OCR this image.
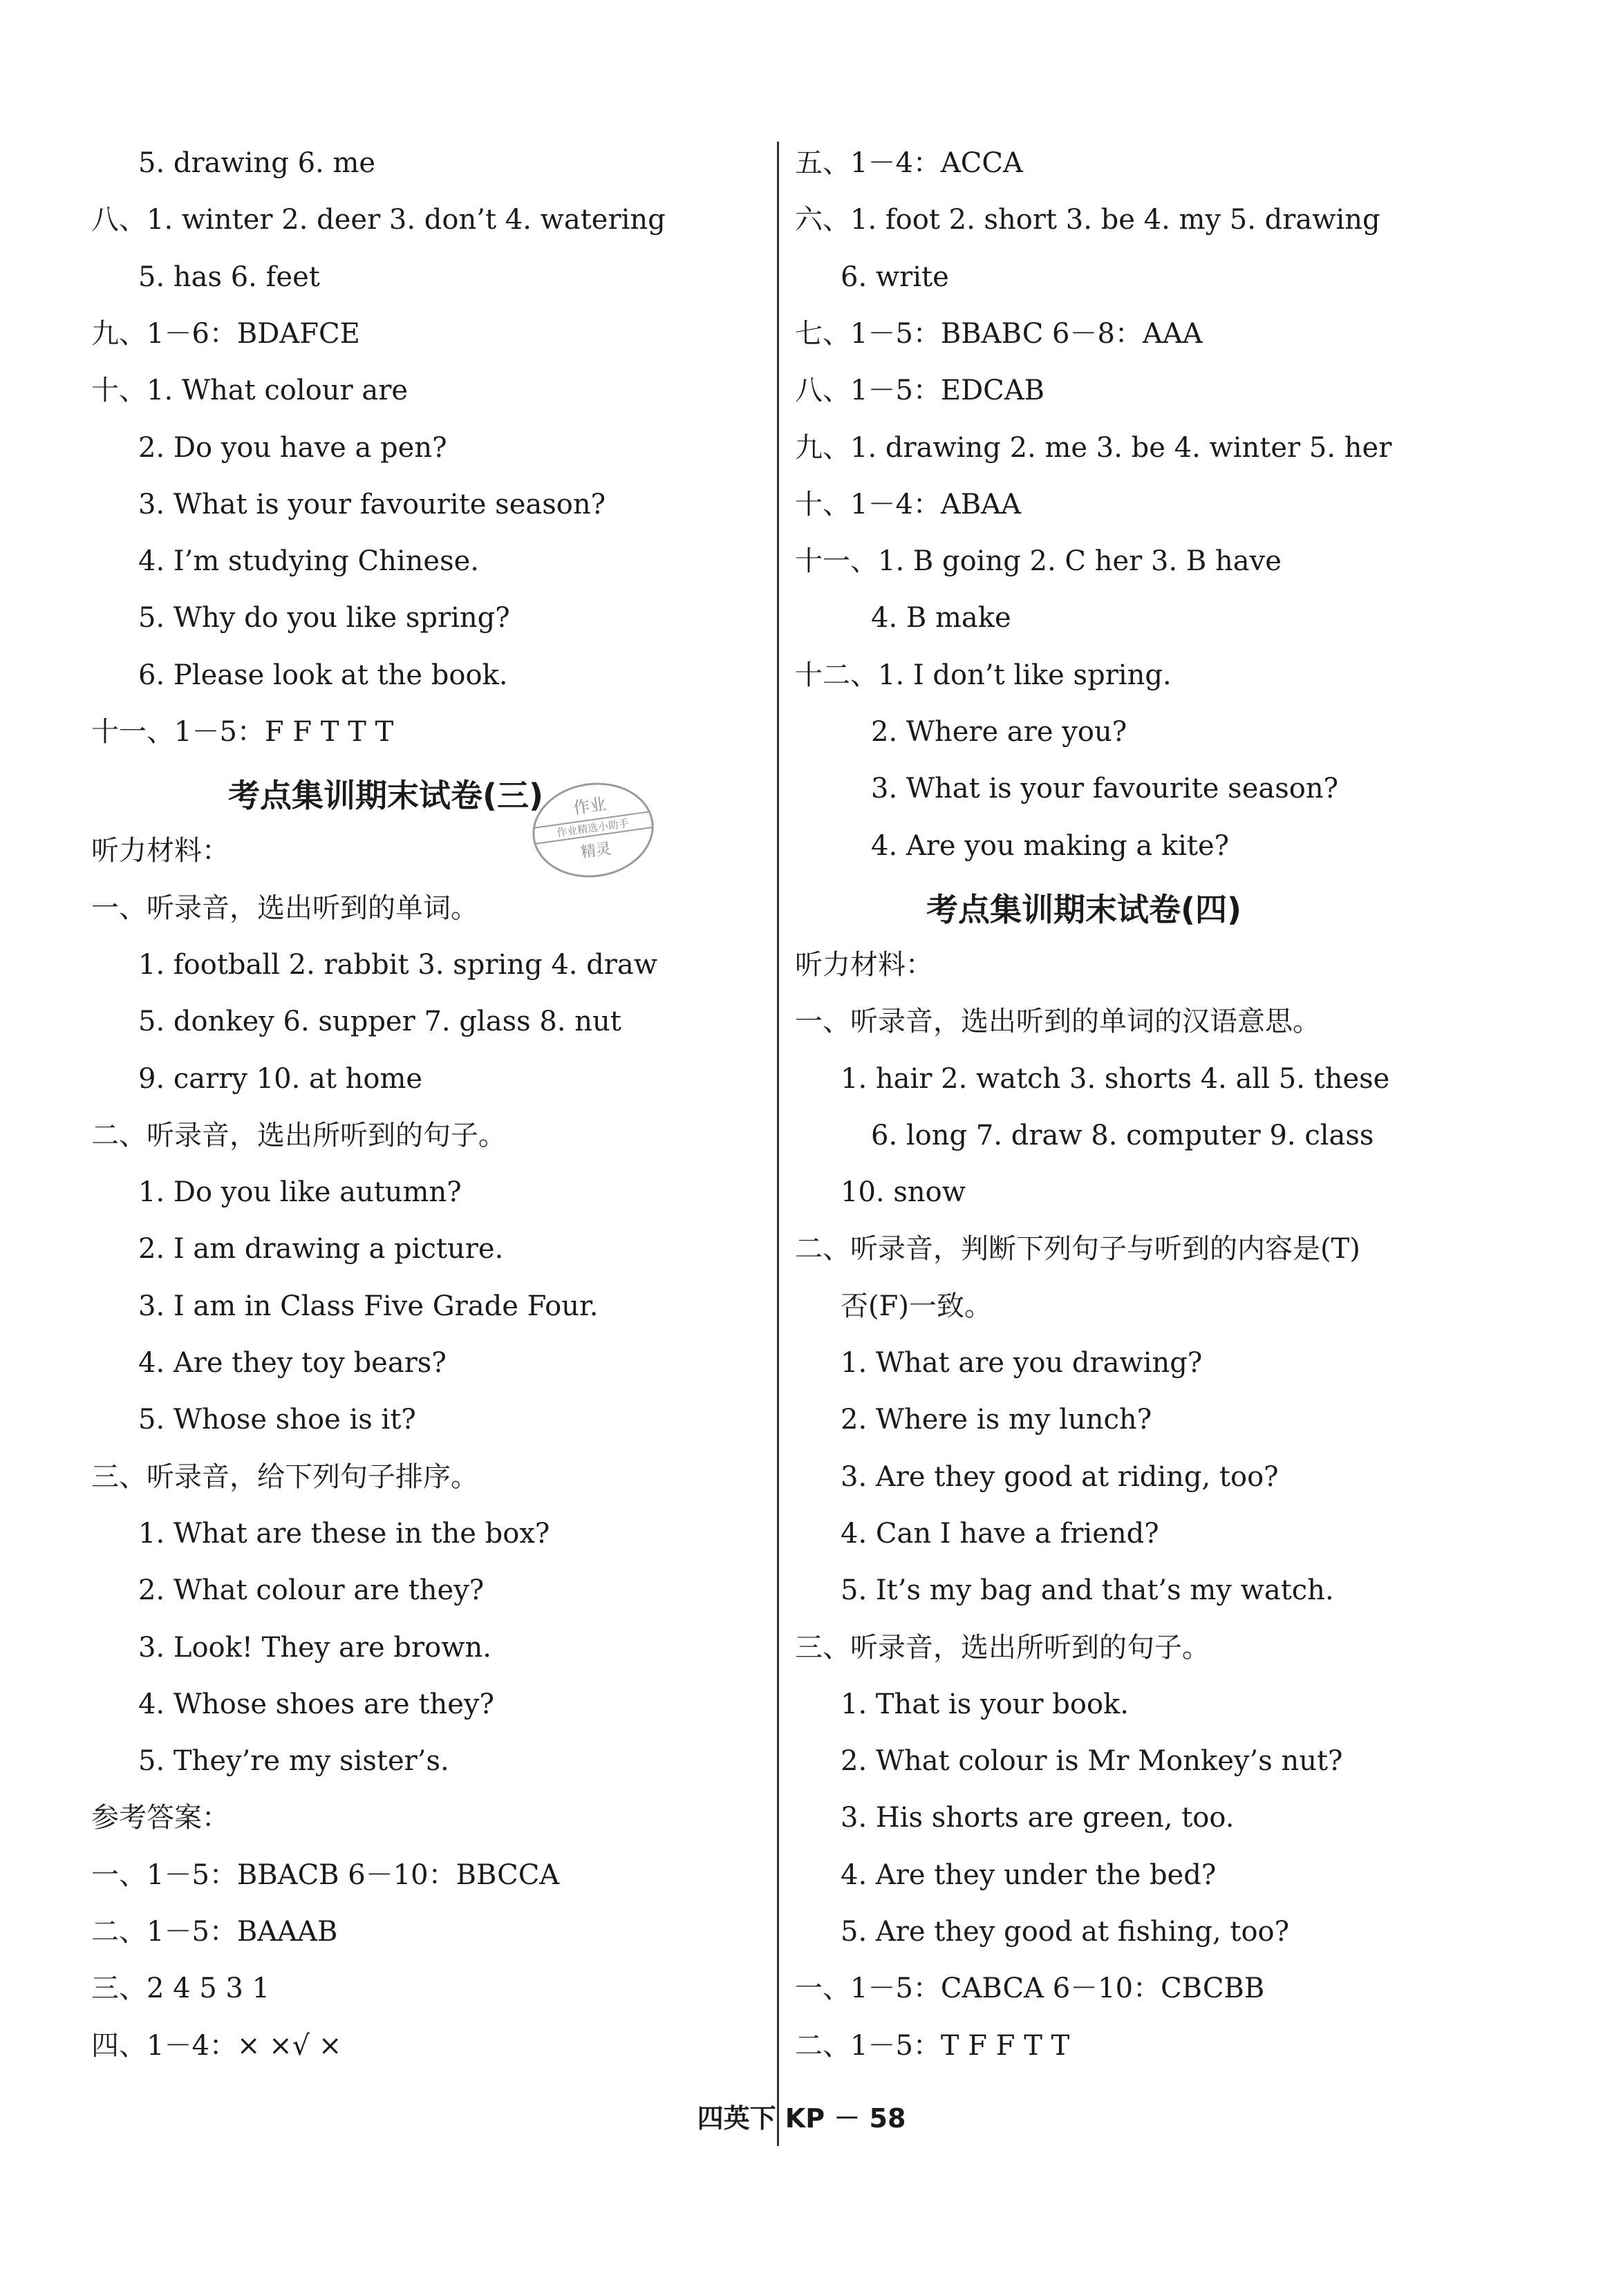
5. drawing 6. me
八、1. winter 2. deer 3. don’t 4. watering
5. has 6. feet
九、1－6：BDAFCE
十、1. What colour are
2. Do you have a pen?
3. What is your favourite season?
4. I’m studying Chinese.
5. Why do you like spring?
6. Please look at the book.
十一、1－5：F F T T T
考点集训期末试卷(三)
听力材料：
一、听录音，选出听到的单词。
1. football 2. rabbit 3. spring 4. draw
5. donkey 6. supper 7. glass 8. nut
9. carry 10. at home
二、听录音，选出所听到的句子。
1. Do you like autumn?
2. I am drawing a picture.
3. I am in Class Five Grade Four.
4. Are they toy bears?
5. Whose shoe is it?
三、听录音，给下列句子排序。
1. What are these in the box?
2. What colour are they?
3. Look! They are brown.
4. Whose shoes are they?
5. They’re my sister’s.
参考答案：
一、1－5：BBACB 6－10：BBCCA
二、1－5：BAAAB
三、2 4 5 3 1
四、1－4：× ×√ ×
五、1－4：ACCA
六、1. foot 2. short 3. be 4. my 5. drawing
6. write
七、1－5：BBABC 6－8：AAA
八、1－5：EDCAB
九、1. drawing 2. me 3. be 4. winter 5. her
十、1－4：ABAA
十一、1. B going 2. C her 3. B have
4. B make
十二、1. I don’t like spring.
2. Where are you?
3. What is your favourite season?
4. Are you making a kite?
考点集训期末试卷(四)
听力材料：
一、听录音，选出听到的单词的汉语意思。
1. hair 2. watch 3. shorts 4. all 5. these
6. long 7. draw 8. computer 9. class
10. snow
二、听录音，判断下列句子与听到的内容是(T)
否(F)一致。
1. What are you drawing?
2. Where is my lunch?
3. Are they good at riding, too?
4. Can I have a friend?
5. It’s my bag and that’s my watch.
三、听录音，选出所听到的句子。
1. That is your book.
2. What colour is Mr Monkey’s nut?
3. His shorts are green, too.
4. Are they under the bed?
5. Are they good at fishing, too?
一、1－5：CABCA 6－10：CBCBB
二、1－5：T F F T T
作业
作业精选小助手
精灵
四英下 KP － 58
